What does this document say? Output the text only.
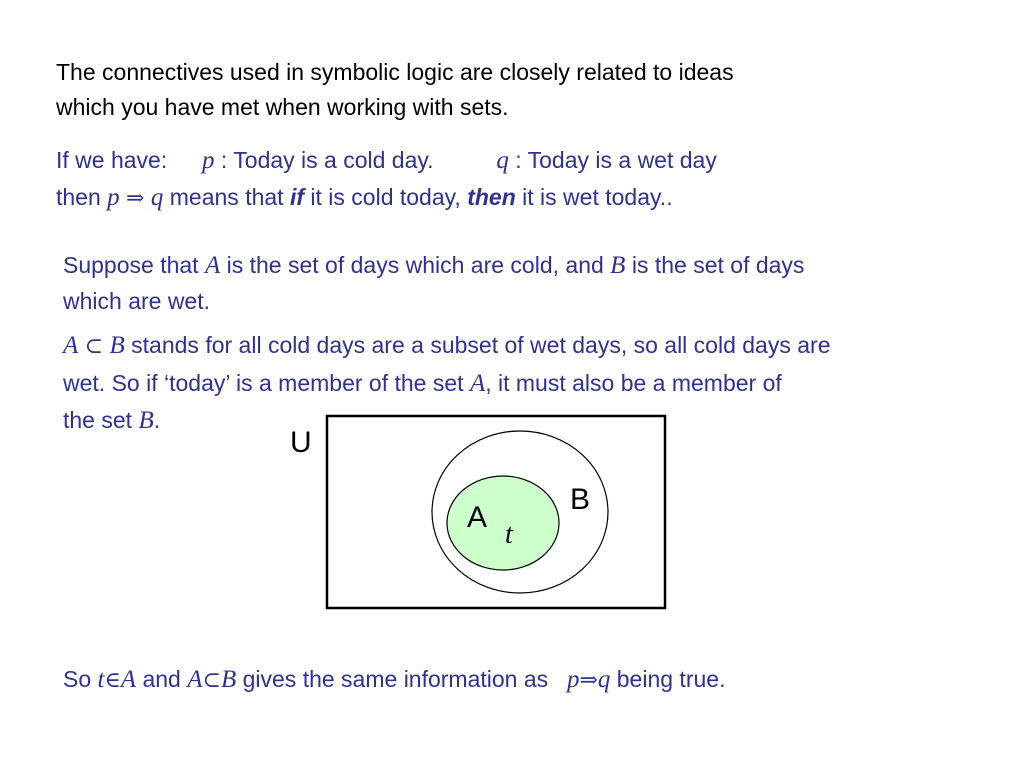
The connectives used in symbolic logic are closely related to ideas
which you have met when working with sets.
If we have: p : Today is a cold day.	q : Today is a wet day
then p ⇒ q means that if it is cold today, then it is wet today..
Suppose that A is the set of days which are cold, and B is the set of days
which are wet.
A ⊂ B stands for all cold days are a subset of wet days, so all cold days are
wet. So if ‘today’ is a member of the set A, it must also be a member of
the set B.
U
B
A
t
So t∈A and A⊂B gives the same information as p⇒q being true.
